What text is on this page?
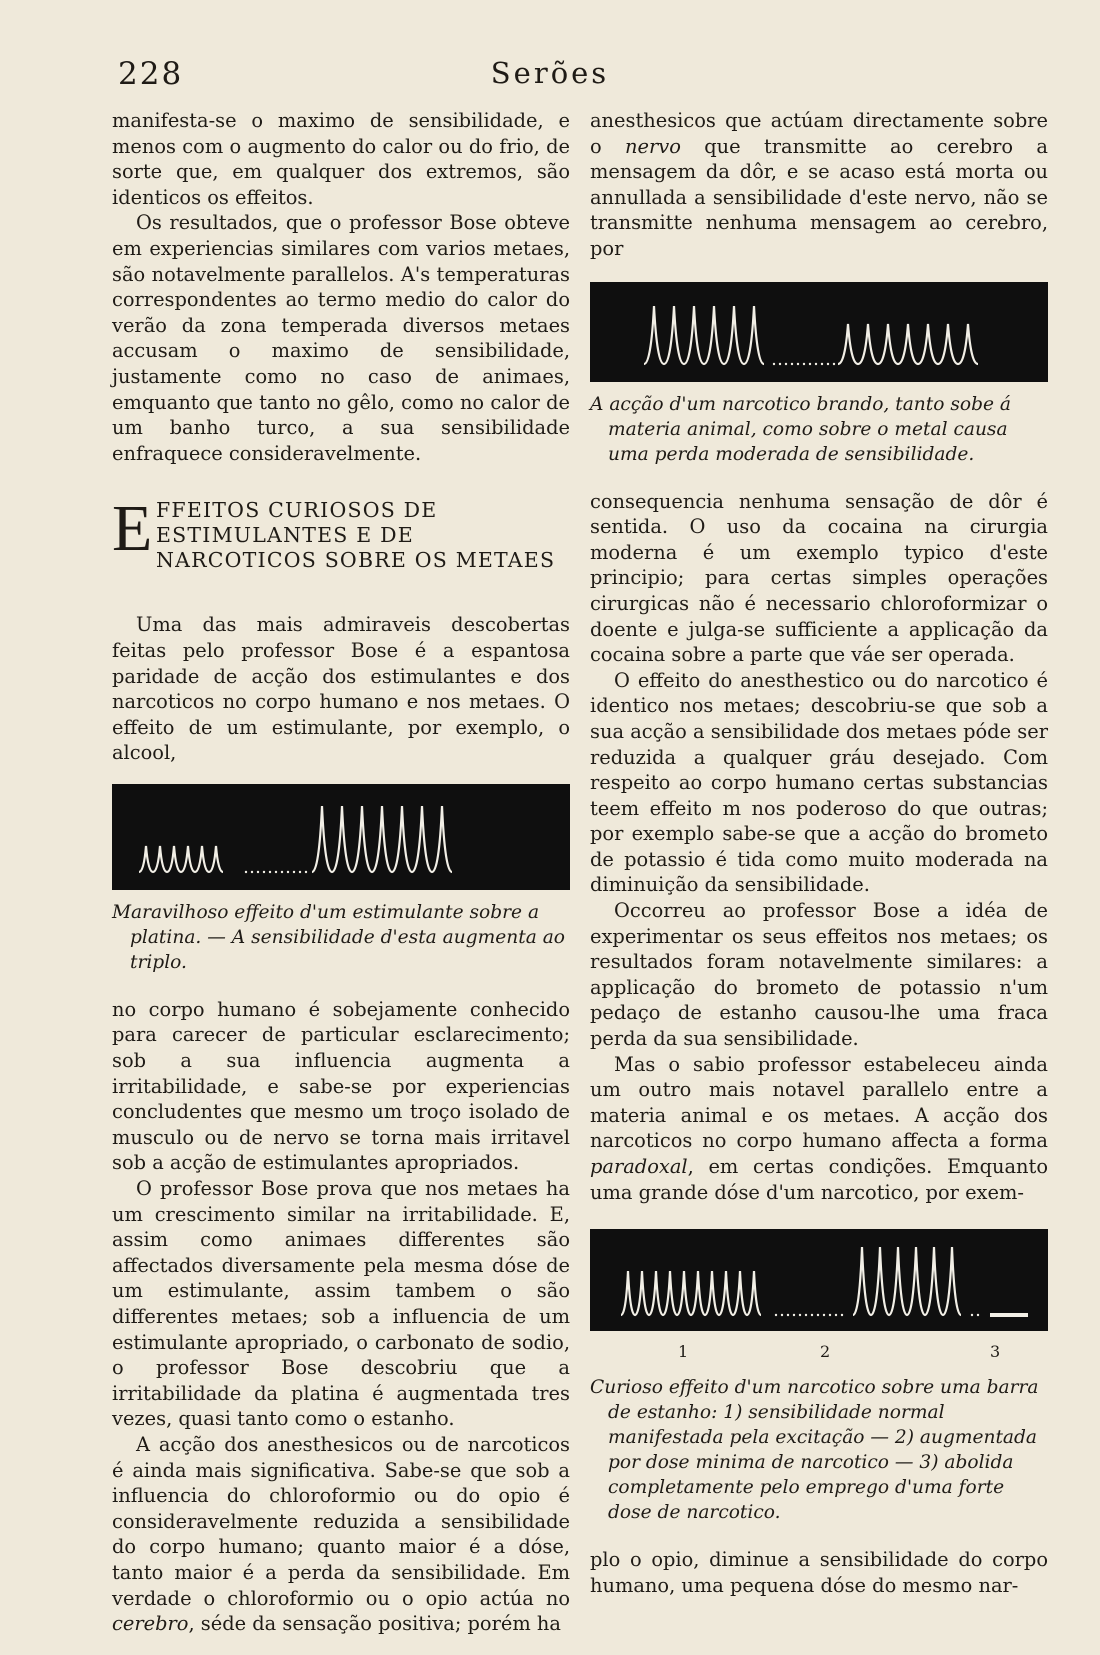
228	Serões

manifesta-se o maximo de sensibilidade, e menos com o augmento do calor ou do frio, de sorte que, em qualquer dos extremos, são identicos os effeitos.

Os resultados, que o professor Bose obteve em experiencias similares com varios metaes, são notavelmente parallelos. A's temperaturas correspondentes ao termo medio do calor do verão da zona temperada diversos metaes accusam o maximo de sensibilidade, justamente como no caso de animaes, emquanto que tanto no gêlo, como no calor de um banho turco, a sua sensibilidade enfraquece consideravelmente.

E FFEITOS CURIOSOS DE ESTIMULANTES E DE NARCOTICOS SOBRE OS METAES

Uma das mais admiraveis descobertas feitas pelo professor Bose é a espantosa paridade de acção dos estimulantes e dos narcoticos no corpo humano e nos metaes. O effeito de um estimulante, por exemplo, o alcool,

Maravilhoso effeito d'um estimulante sobre a platina. — A sensibilidade d'esta augmenta ao triplo.

no corpo humano é sobejamente conhecido para carecer de particular esclarecimento; sob a sua influencia augmenta a irritabilidade, e sabe-se por experiencias concludentes que mesmo um troço isolado de musculo ou de nervo se torna mais irritavel sob a acção de estimulantes apropriados.

O professor Bose prova que nos metaes ha um crescimento similar na irritabilidade. E, assim como animaes differentes são affectados diversamente pela mesma dóse de um estimulante, assim tambem o são differentes metaes; sob a influencia de um estimulante apropriado, o carbonato de sodio, o professor Bose descobriu que a irritabilidade da platina é augmentada tres vezes, quasi tanto como o estanho.

A acção dos anesthesicos ou de narcoticos é ainda mais significativa. Sabe-se que sob a influencia do chloroformio ou do opio é consideravelmente reduzida a sensibilidade do corpo humano; quanto maior é a dóse, tanto maior é a perda da sensibilidade. Em verdade o chloroformio ou o opio actúa no cerebro, séde da sensação positiva; porém ha

anesthesicos que actúam directamente sobre o nervo que transmitte ao cerebro a mensagem da dôr, e se acaso está morta ou annullada a sensibilidade d'este nervo, não se transmitte nenhuma mensagem ao cerebro, por

A acção d'um narcotico brando, tanto sobe á materia animal, como sobre o metal causa uma perda moderada de sensibilidade.

consequencia nenhuma sensação de dôr é sentida. O uso da cocaina na cirurgia moderna é um exemplo typico d'este principio; para certas simples operações cirurgicas não é necessario chloroformizar o doente e julga-se sufficiente a applicação da cocaina sobre a parte que váe ser operada.

O effeito do anesthestico ou do narcotico é identico nos metaes; descobriu-se que sob a sua acção a sensibilidade dos metaes póde ser reduzida a qualquer gráu desejado. Com respeito ao corpo humano certas substancias teem effeito m nos poderoso do que outras; por exemplo sabe-se que a acção do brometo de potassio é tida como muito moderada na diminuição da sensibilidade.

Occorreu ao professor Bose a idéa de experimentar os seus effeitos nos metaes; os resultados foram notavelmente similares: a applicação do brometo de potassio n'um pedaço de estanho causou-lhe uma fraca perda da sua sensibilidade.

Mas o sabio professor estabeleceu ainda um outro mais notavel parallelo entre a materia animal e os metaes. A acção dos narcoticos no corpo humano affecta a forma paradoxal, em certas condições. Emquanto uma grande dóse d'um narcotico, por exem-

1	2	3
Curioso effeito d'um narcotico sobre uma barra de estanho: 1) sensibilidade normal manifestada pela excitação — 2) augmentada por dose minima de narcotico — 3) abolida completamente pelo emprego d'uma forte dose de narcotico.

plo o opio, diminue a sensibilidade do corpo humano, uma pequena dóse do mesmo nar-
